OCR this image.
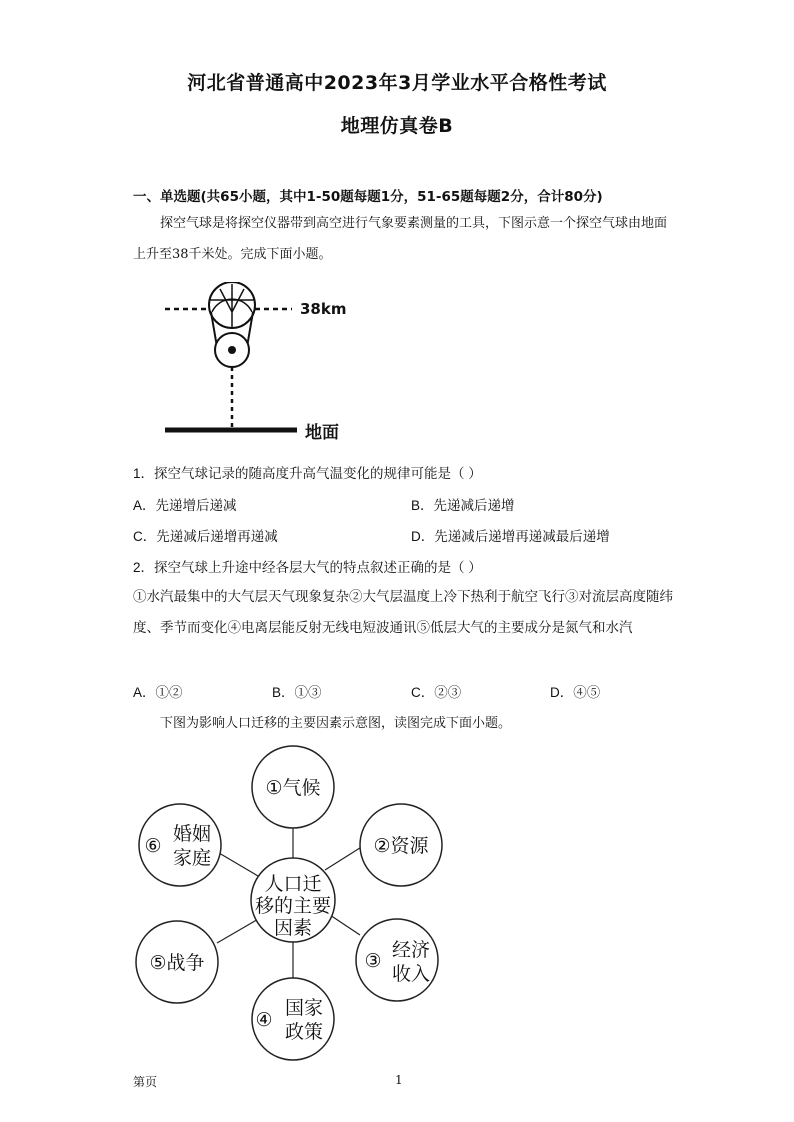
河北省普通高中2023年3月学业水平合格性考试
地理仿真卷B
一、单选题(共65小题，其中1-50题每题1分，51-65题每题2分，合计80分)
探空气球是将探空仪器带到高空进行气象要素测量的工具，下图示意一个探空气球由地面上升至38千米处。完成下面小题。
38km
地面
1．探空气球记录的随高度升高气温变化的规律可能是（ ）
A．先递增后递减	B．先递减后递增
C．先递减后递增再递减	D．先递减后递增再递减最后递增
2．探空气球上升途中经各层大气的特点叙述正确的是（ ）
①水汽最集中的大气层天气现象复杂②大气层温度上冷下热利于航空飞行③对流层高度随纬度、季节而变化④电离层能反射无线电短波通讯⑤低层大气的主要成分是氮气和水汽
A．①②	B．①③	C．②③	D．④⑤
下图为影响人口迁移的主要因素示意图，读图完成下面小题。
人口迁
移的主要
因素
①气候
②资源
③ 经济
收入
④
国家
政策
⑤战争
⑥
婚姻
家庭
第页	1
